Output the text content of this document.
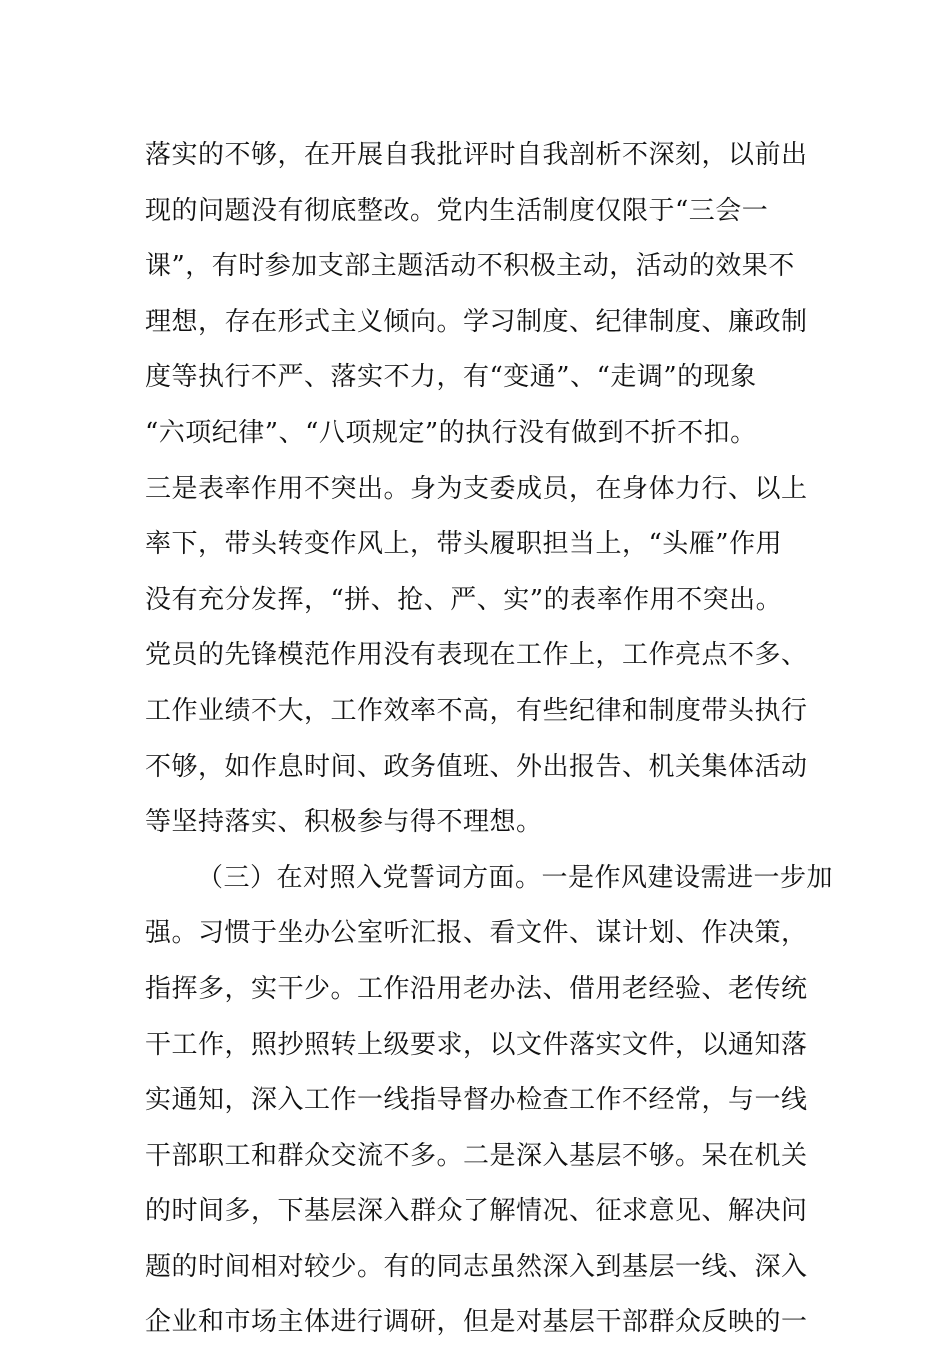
落实的不够，在开展自我批评时自我剖析不深刻，以前出
现的问题没有彻底整改。党内生活制度仅限于“三会一
课”，有时参加支部主题活动不积极主动，活动的效果不
理想，存在形式主义倾向。学习制度、纪律制度、廉政制
度等执行不严、落实不力，有“变通”、“走调”的现象
“六项纪律”、“八项规定”的执行没有做到不折不扣。
三是表率作用不突出。身为支委成员，在身体力行、以上
率下，带头转变作风上，带头履职担当上，“头雁”作用
没有充分发挥，“拼、抢、严、实”的表率作用不突出。
党员的先锋模范作用没有表现在工作上，工作亮点不多、
工作业绩不大，工作效率不高，有些纪律和制度带头执行
不够，如作息时间、政务值班、外出报告、机关集体活动
等坚持落实、积极参与得不理想。
（三）在对照入党誓词方面。一是作风建设需进一步加
强。习惯于坐办公室听汇报、看文件、谋计划、作决策，
指挥多，实干少。工作沿用老办法、借用老经验、老传统
干工作，照抄照转上级要求，以文件落实文件，以通知落
实通知，深入工作一线指导督办检查工作不经常，与一线
干部职工和群众交流不多。二是深入基层不够。呆在机关
的时间多，下基层深入群众了解情况、征求意见、解决问
题的时间相对较少。有的同志虽然深入到基层一线、深入
企业和市场主体进行调研，但是对基层干部群众反映的一
